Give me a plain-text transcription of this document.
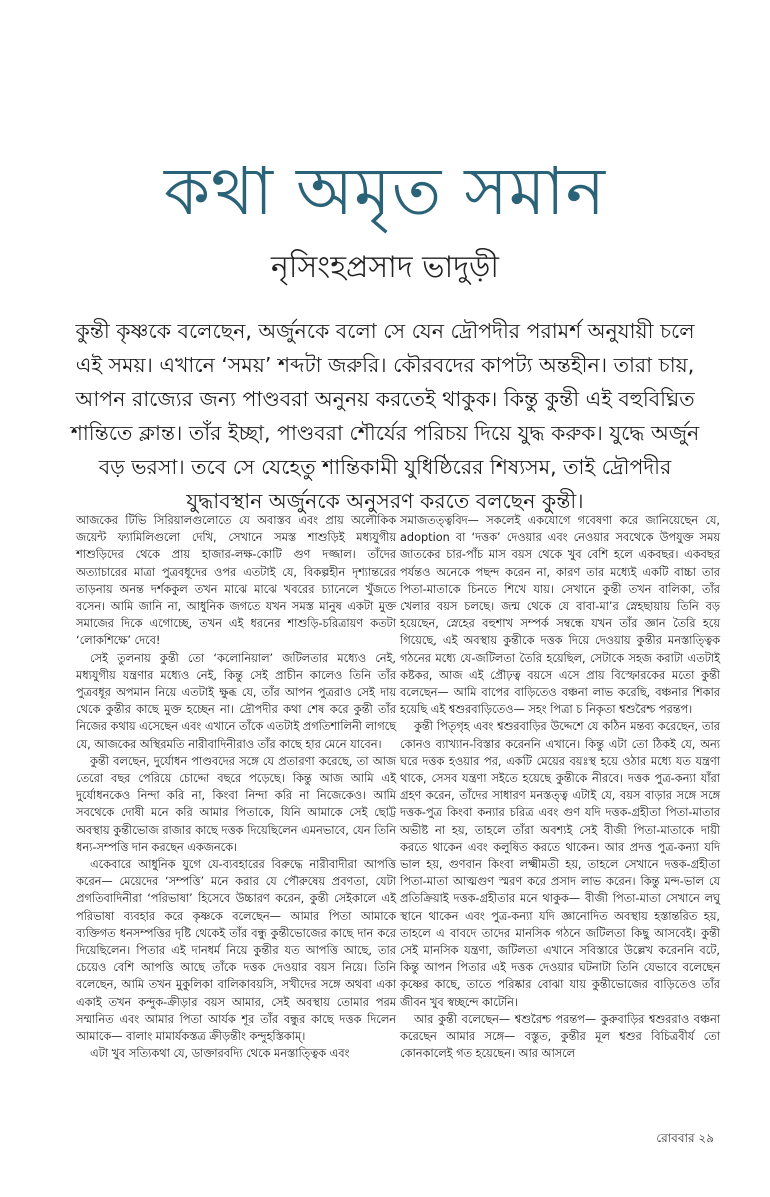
কথা অমৃত সমান
নৃসিংহপ্রসাদ ভাদুড়ী
কুন্তী কৃষ্ণকে বলেছেন, অর্জুনকে বলো সে যেন দ্রৌপদীর পরামর্শ অনুযায়ী চলে
এই সময়। এখানে ‘সময়’ শব্দটা জরুরি। কৌরবদের কাপট্য অন্তহীন। তারা চায়,
আপন রাজ্যের জন্য পাণ্ডবরা অনুনয় করতেই থাকুক। কিন্তু কুন্তী এই বহুবিঘ্নিত
শান্তিতে ক্লান্ত। তাঁর ইচ্ছা, পাণ্ডবরা শৌর্যের পরিচয় দিয়ে যুদ্ধ করুক। যুদ্ধে অর্জুন
বড় ভরসা। তবে সে যেহেতু শান্তিকামী যুধিষ্ঠিরের শিষ্যসম, তাই দ্রৌপদীর
যুদ্ধাবস্থান অর্জুনকে অনুসরণ করতে বলছেন কুন্তী।

আজকের টিভি সিরিয়ালগুলোতে যে অবাস্তব এবং প্রায় অলৌকিক জয়েন্ট ফ্যামিলিগুলো দেখি, সেখানে সমস্ত শাশুড়িই মধ্যযুগীয় শাশুড়িদের থেকে প্রায় হাজার-লক্ষ-কোটি গুণ দজ্জাল। তাঁদের অত্যাচারের মাত্রা পুত্রবধূদের ওপর এতটাই যে, বিকল্পহীন দৃশ্যান্তরের তাড়নায় অনন্ত দর্শককুল তখন মাঝে মাঝে খবরের চ্যানেলে খুঁজতে বসেন। আমি জানি না, আধুনিক জগতে যখন সমস্ত মানুষ একটা মুক্ত সমাজের দিকে এগোচ্ছে, তখন এই ধরনের শাশুড়ি-চরিত্রায়ণ কতটা ‘লোকশিক্ষে’ দেবে!

সেই তুলনায় কুন্তী তো ‘কলোনিয়াল’ জটিলতার মধ্যেও নেই, মধ্যযুগীয় যন্ত্রণার মধ্যেও নেই, কিন্তু সেই প্রাচীন কালেও তিনি তাঁর পুত্রবধূর অপমান নিয়ে এতটাই ক্ষুব্ধ যে, তাঁর আপন পুত্ররাও সেই দায় থেকে কুন্তীর কাছে মুক্ত হচ্ছেন না। দ্রৌপদীর কথা শেষ করে কুন্তী তাঁর নিজের কথায় এসেছেন এবং এখানে তাঁকে এতটাই প্রগতিশালিনী লাগছে যে, আজকের অস্থিরমতি নারীবাদিনীরাও তাঁর কাছে হার মেনে যাবেন।

কুন্তী বলছেন, দুর্যোধন পাণ্ডবদের সঙ্গে যে প্রতারণা করেছে, তা আজ তেরো বছর পেরিয়ে চোদ্দো বছরে পড়েছে। কিন্তু আজ আমি এই দুর্যোধনকেও নিন্দা করি না, কিংবা নিন্দা করি না নিজেকেও। আমি সবথেকে দোষী মনে করি আমার পিতাকে, যিনি আমাকে সেই ছোট্ট অবস্থায় কুন্তীভোজ রাজার কাছে দত্তক দিয়েছিলেন এমনভাবে, যেন তিনি ধন্য-সম্পত্তি দান করছেন একজনকে।

একেবারে আধুনিক যুগে যে-ব্যবহারের বিরুদ্ধে নারীবাদীরা আপত্তি করেন— মেয়েদের ‘সম্পত্তি’ মনে করার যে পৌরুষেয় প্রবণতা, যেটা প্রগতিবাদিনীরা ‘পরিভাষা’ হিসেবে উচ্চারণ করেন, কুন্তী সেইকালে এই পরিভাষা ব্যবহার করে কৃষ্ণকে বলেছেন— আমার পিতা আমাকে ব্যক্তিগত ধনসম্পত্তির দৃষ্টি থেকেই তাঁর বন্ধু কুন্তীভোজের কাছে দান করে দিয়েছিলেন। পিতার এই দানধর্ম নিয়ে কুন্তীর যত আপত্তি আছে, তার চেয়েও বেশি আপত্তি আছে তাঁকে দত্তক দেওয়ার বয়স নিয়ে। তিনি বলেছেন, আমি তখন মুকুলিকা বালিকাবয়সি, সখীদের সঙ্গে অথবা একা একাই তখন কন্দুক-ক্রীড়ার বয়স আমার, সেই অবস্থায় তোমার পরম সম্মানিত এবং আমার পিতা আর্যক শূর তাঁর বন্ধুর কাছে দত্তক দিলেন আমাকে— বালাং মামার্যকস্তত্র ক্রীড়ন্তীং কন্দুহস্তিকাম্।

এটা খুব সত্যিকথা যে, ডাক্তারবদ্যি থেকে মনস্তাত্ত্বিক এবং

সমাজতত্ত্ববিদ— সকলেই একযোগে গবেষণা করে জানিয়েছেন যে, adoption বা ‘দত্তক’ দেওয়ার এবং নেওয়ার সবথেকে উপযুক্ত সময় জাতকের চার-পাঁচ মাস বয়স থেকে খুব বেশি হলে একবছর। একবছর পর্যন্তও অনেকে পছন্দ করেন না, কারণ তার মধ্যেই একটি বাচ্চা তার পিতা-মাতাকে চিনতে শিখে যায়। সেখানে কুন্তী তখন বালিকা, তাঁর খেলার বয়স চলছে। জন্ম থেকে যে বাবা-মা’র স্নেহছায়ায় তিনি বড় হয়েছেন, স্নেহের বহুশাখ সম্পর্ক সম্বন্ধে যখন তাঁর জ্ঞান তৈরি হয়ে গিয়েছে, এই অবস্থায় কুন্তীকে দত্তক দিয়ে দেওয়ায় কুন্তীর মনস্তাত্ত্বিক গঠনের মধ্যে যে-জটিলতা তৈরি হয়েছিল, সেটাকে সহজ করাটা এতটাই কষ্টকর, আজ এই প্রৌঢ়ত্ব বয়সে এসে প্রায় বিস্ফোরকের মতো কুন্তী বলেছেন— আমি বাপের বাড়িতেও বঞ্চনা লাভ করেছি, বঞ্চনার শিকার হয়েছি এই শ্বশুরবাড়িতেও— সহং পিত্রা চ নিকৃতা শ্বশুরৈশ্চ পরন্তপ।

কুন্তী পিতৃগৃহ এবং শ্বশুরবাড়ির উদ্দেশে যে কঠিন মন্তব্য করেছেন, তার কোনও ব্যাখ্যান-বিস্তার করেননি এখানে। কিন্তু এটা তো ঠিকই যে, অন্য ঘরে দত্তক হওয়ার পর, একটি মেয়ের বয়ঃস্থ হয়ে ওঠার মধ্যে যত যন্ত্রণা থাকে, সেসব যন্ত্রণা সইতে হয়েছে কুন্তীকে নীরবে। দত্তক পুত্র-কন্যা যাঁরা গ্রহণ করেন, তাঁদের সাধারণ মনস্তত্ত্ব এটাই যে, বয়স বাড়ার সঙ্গে সঙ্গে দত্তক-পুত্র কিংবা কন্যার চরিত্র এবং গুণ যদি দত্তক-গ্রহীতা পিতা-মাতার অভীষ্ট না হয়, তাহলে তাঁরা অবশ্যই সেই বীজী পিতা-মাতাকে দায়ী করতে থাকেন এবং কলুষিত করতে থাকেন। আর প্রদত্ত পুত্র-কন্যা যদি ভাল হয়, গুণবান কিংবা লক্ষ্মীমতী হয়, তাহলে সেখানে দত্তক-গ্রহীতা পিতা-মাতা আত্মগুণ স্মরণ করে প্রসাদ লাভ করেন। কিন্তু মন্দ-ভাল যে প্রতিক্রিয়াই দত্তক-গ্রহীতার মনে থাকুক— বীজী পিতা-মাতা সেখানে লঘু স্থানে থাকেন এবং পুত্র-কন্যা যদি জ্ঞানোদিত অবস্থায় হস্তান্তরিত হয়, তাহলে এ বাবদে তাদের মানসিক গঠনে জটিলতা কিছু আসবেই। কুন্তী সেই মানসিক যন্ত্রণা, জটিলতা এখানে সবিস্তারে উল্লেখ করেননি বটে, কিন্তু আপন পিতার এই দত্তক দেওয়ার ঘটনাটা তিনি যেভাবে বলেছেন কৃষ্ণের কাছে, তাতে পরিষ্কার বোঝা যায় কুন্তীভোজের বাড়িতেও তাঁর জীবন খুব স্বচ্ছন্দে কাটেনি।

আর কুন্তী বলেছেন— শ্বশুরৈশ্চ পরন্তপ— কুরুবাড়ির শ্বশুররাও বঞ্চনা করেছেন আমার সঙ্গে— বস্তুত, কুন্তীর মূল শ্বশুর বিচিত্রবীর্য তো কোনকালেই গত হয়েছেন। আর আসলে

রোববার ২৯
